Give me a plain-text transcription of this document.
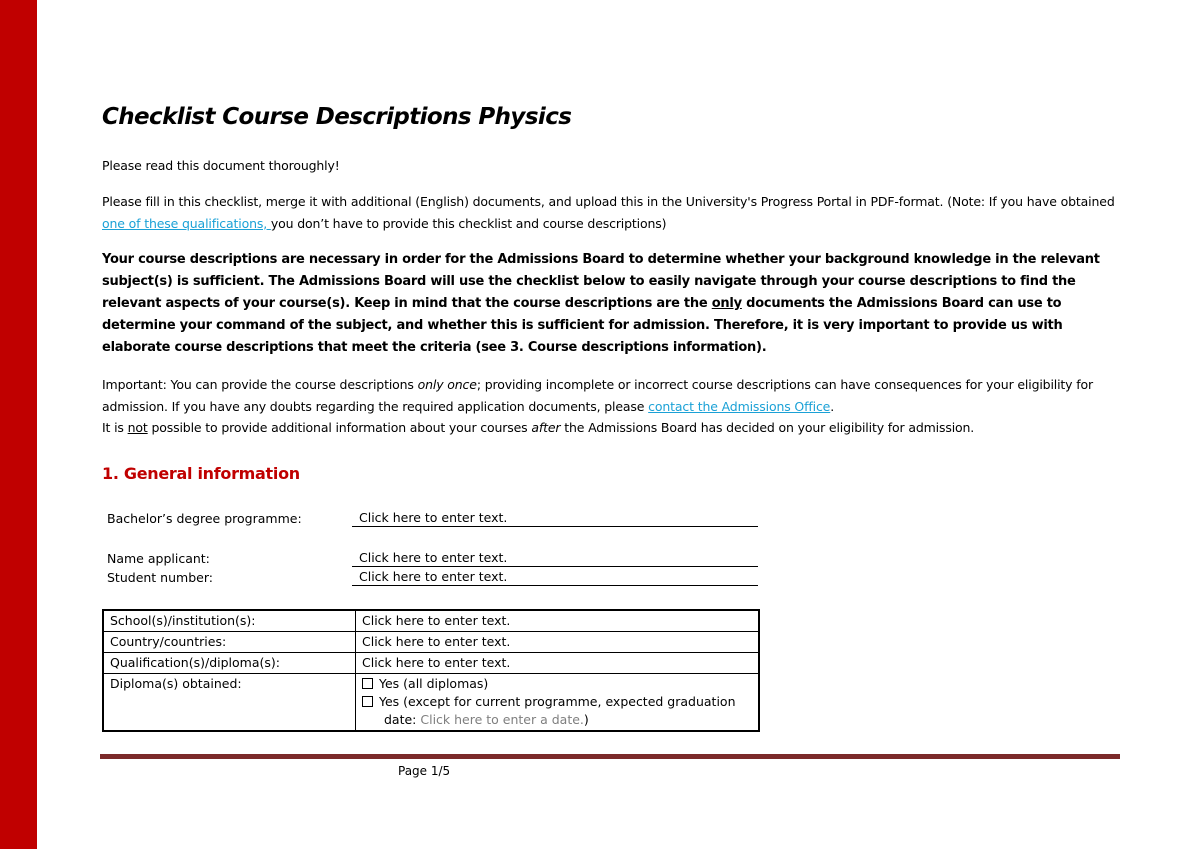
Checklist Course Descriptions Physics
Please read this document thoroughly!
Please fill in this checklist, merge it with additional (English) documents, and upload this in the University's Progress Portal in PDF-format. (Note: If you have obtained one of these qualifications, you don’t have to provide this checklist and course descriptions)
Your course descriptions are necessary in order for the Admissions Board to determine whether your background knowledge in the relevant subject(s) is sufficient. The Admissions Board will use the checklist below to easily navigate through your course descriptions to find the relevant aspects of your course(s). Keep in mind that the course descriptions are the only documents the Admissions Board can use to determine your command of the subject, and whether this is sufficient for admission. Therefore, it is very important to provide us with elaborate course descriptions that meet the criteria (see 3. Course descriptions information).
Important: You can provide the course descriptions only once; providing incomplete or incorrect course descriptions can have consequences for your eligibility for admission. If you have any doubts regarding the required application documents, please contact the Admissions Office.
It is not possible to provide additional information about your courses after the Admissions Board has decided on your eligibility for admission.
1. General information
Bachelor’s degree programme:	Click here to enter text.
Name applicant:	Click here to enter text.
Student number:	Click here to enter text.
School(s)/institution(s):	Click here to enter text.
Country/countries:	Click here to enter text.
Qualification(s)/diploma(s):	Click here to enter text.
Diploma(s) obtained:	Yes (all diplomas)
Yes (except for current programme, expected graduation
date: Click here to enter a date.)
Page 1/5
